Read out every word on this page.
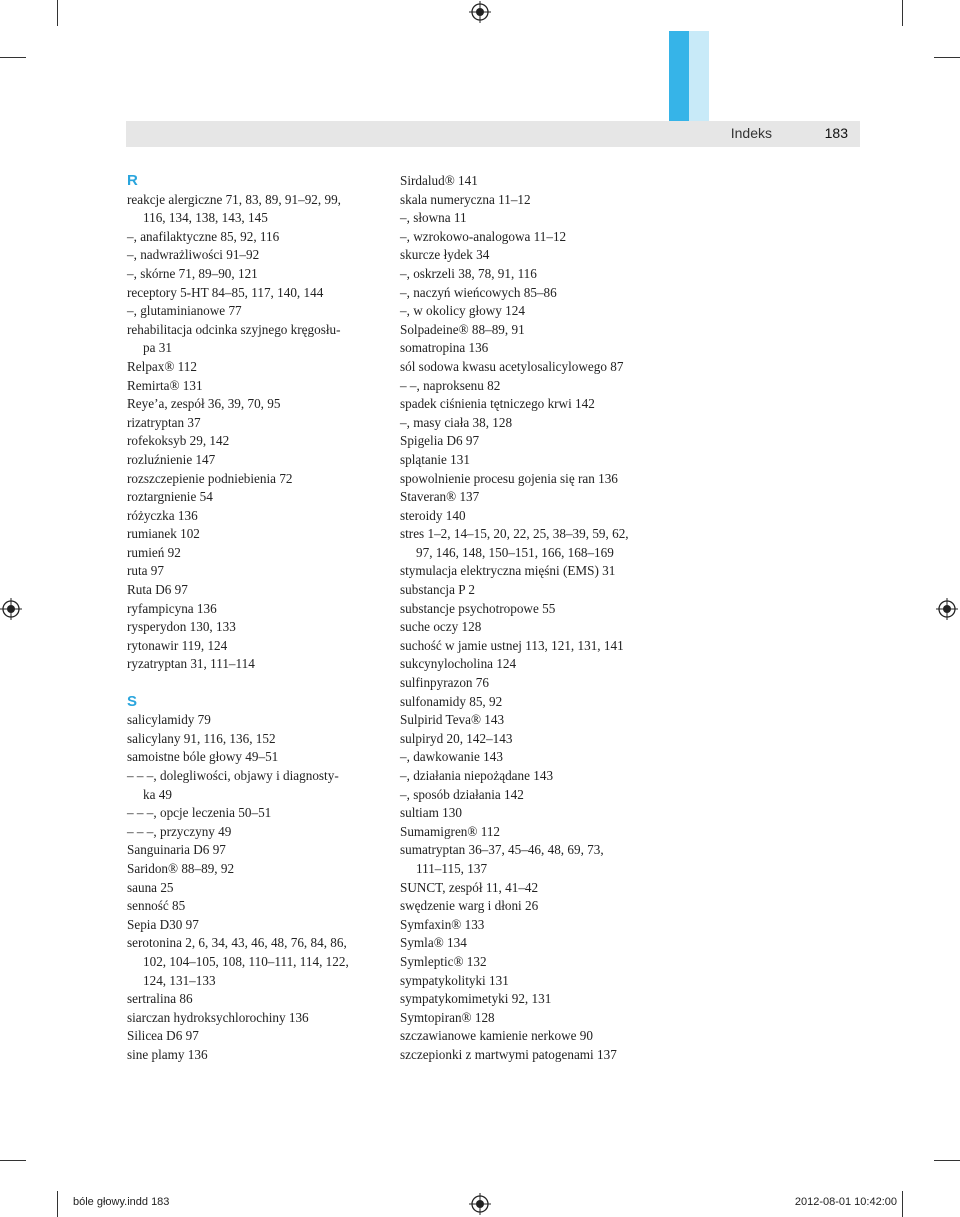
Indeks	183
R
reakcje alergiczne 71, 83, 89, 91–92, 99,
116, 134, 138, 143, 145
–, anafilaktyczne 85, 92, 116
–, nadwrażliwości 91–92
–, skórne 71, 89–90, 121
receptory 5-HT 84–85, 117, 140, 144
–, glutaminianowe 77
rehabilitacja odcinka szyjnego kręgosłu-
pa 31
Relpax® 112
Remirta® 131
Reye’a, zespół 36, 39, 70, 95
rizatryptan 37
rofekoksyb 29, 142
rozluźnienie 147
rozszczepienie podniebienia 72
roztargnienie 54
różyczka 136
rumianek 102
rumień 92
ruta 97
Ruta D6 97
ryfampicyna 136
rysperydon 130, 133
rytonawir 119, 124
ryzatryptan 31, 111–114
S
salicylamidy 79
salicylany 91, 116, 136, 152
samoistne bóle głowy 49–51
– – –, dolegliwości, objawy i diagnosty-
ka 49
– – –, opcje leczenia 50–51
– – –, przyczyny 49
Sanguinaria D6 97
Saridon® 88–89, 92
sauna 25
senność 85
Sepia D30 97
serotonina 2, 6, 34, 43, 46, 48, 76, 84, 86,
102, 104–105, 108, 110–111, 114, 122,
124, 131–133
sertralina 86
siarczan hydroksychlorochiny 136
Silicea D6 97
sine plamy 136
Sirdalud® 141
skala numeryczna 11–12
–, słowna 11
–, wzrokowo-analogowa 11–12
skurcze łydek 34
–, oskrzeli 38, 78, 91, 116
–, naczyń wieńcowych 85–86
–, w okolicy głowy 124
Solpadeine® 88–89, 91
somatropina 136
sól sodowa kwasu acetylosalicylowego 87
– –, naproksenu 82
spadek ciśnienia tętniczego krwi 142
–, masy ciała 38, 128
Spigelia D6 97
splątanie 131
spowolnienie procesu gojenia się ran 136
Staveran® 137
steroidy 140
stres 1–2, 14–15, 20, 22, 25, 38–39, 59, 62,
97, 146, 148, 150–151, 166, 168–169
stymulacja elektryczna mięśni (EMS) 31
substancja P 2
substancje psychotropowe 55
suche oczy 128
suchość w jamie ustnej 113, 121, 131, 141
sukcynylocholina 124
sulfinpyrazon 76
sulfonamidy 85, 92
Sulpirid Teva® 143
sulpiryd 20, 142–143
–, dawkowanie 143
–, działania niepożądane 143
–, sposób działania 142
sultiam 130
Sumamigren® 112
sumatryptan 36–37, 45–46, 48, 69, 73,
111–115, 137
SUNCT, zespół 11, 41–42
swędzenie warg i dłoni 26
Symfaxin® 133
Symla® 134
Symleptic® 132
sympatykolityki 131
sympatykomimetyki 92, 131
Symtopiran® 128
szczawianowe kamienie nerkowe 90
szczepionki z martwymi patogenami 137
bóle głowy.indd 183	2012-08-01 10:42:00
